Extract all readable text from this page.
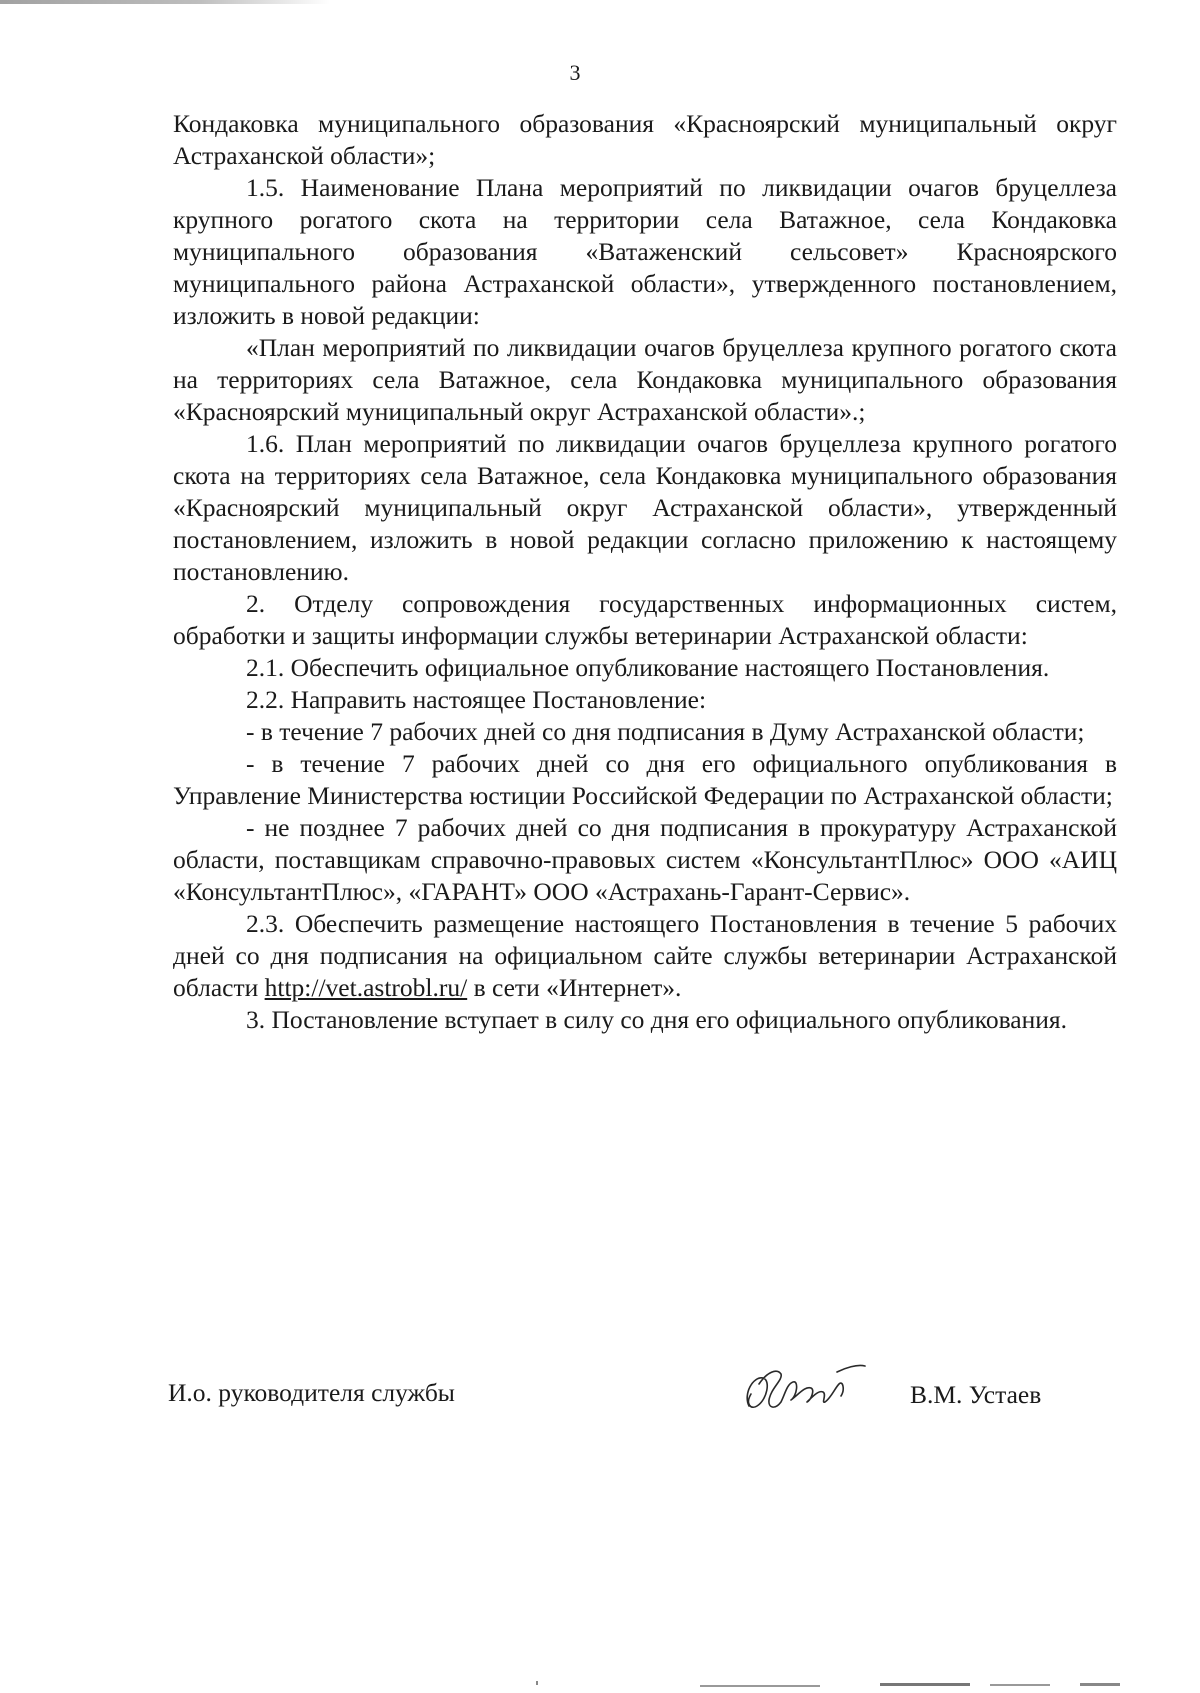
3

Кондаковка муниципального образования «Красноярский муниципальный округ Астраханской области»;

1.5. Наименование Плана мероприятий по ликвидации очагов бруцеллеза крупного рогатого скота на территории села Ватажное, села Кондаковка муниципального образования «Ватаженский сельсовет» Красноярского муниципального района Астраханской области», утвержденного постановлением, изложить в новой редакции:

«План мероприятий по ликвидации очагов бруцеллеза крупного рогатого скота на территориях села Ватажное, села Кондаковка муниципального образования «Красноярский муниципальный округ Астраханской области».;

1.6. План мероприятий по ликвидации очагов бруцеллеза крупного рогатого скота на территориях села Ватажное, села Кондаковка муниципального образования «Красноярский муниципальный округ Астраханской области», утвержденный постановлением, изложить в новой редакции согласно приложению к настоящему постановлению.

2. Отделу сопровождения государственных информационных систем, обработки и защиты информации службы ветеринарии Астраханской области:

2.1. Обеспечить официальное опубликование настоящего Постановления.

2.2. Направить настоящее Постановление:

- в течение 7 рабочих дней со дня подписания в Думу Астраханской области;

- в течение 7 рабочих дней со дня его официального опубликования в Управление Министерства юстиции Российской Федерации по Астраханской области;

- не позднее 7 рабочих дней со дня подписания в прокуратуру Астраханской области, поставщикам справочно-правовых систем «КонсультантПлюс» ООО «АИЦ «КонсультантПлюс», «ГАРАНТ» ООО «Астрахань-Гарант-Сервис».

2.3. Обеспечить размещение настоящего Постановления в течение 5 рабочих дней со дня подписания на официальном сайте службы ветеринарии Астраханской области http://vet.astrobl.ru/ в сети «Интернет».

3. Постановление вступает в силу со дня его официального опубликования.

И.о. руководителя службы	В.М. Устаев
